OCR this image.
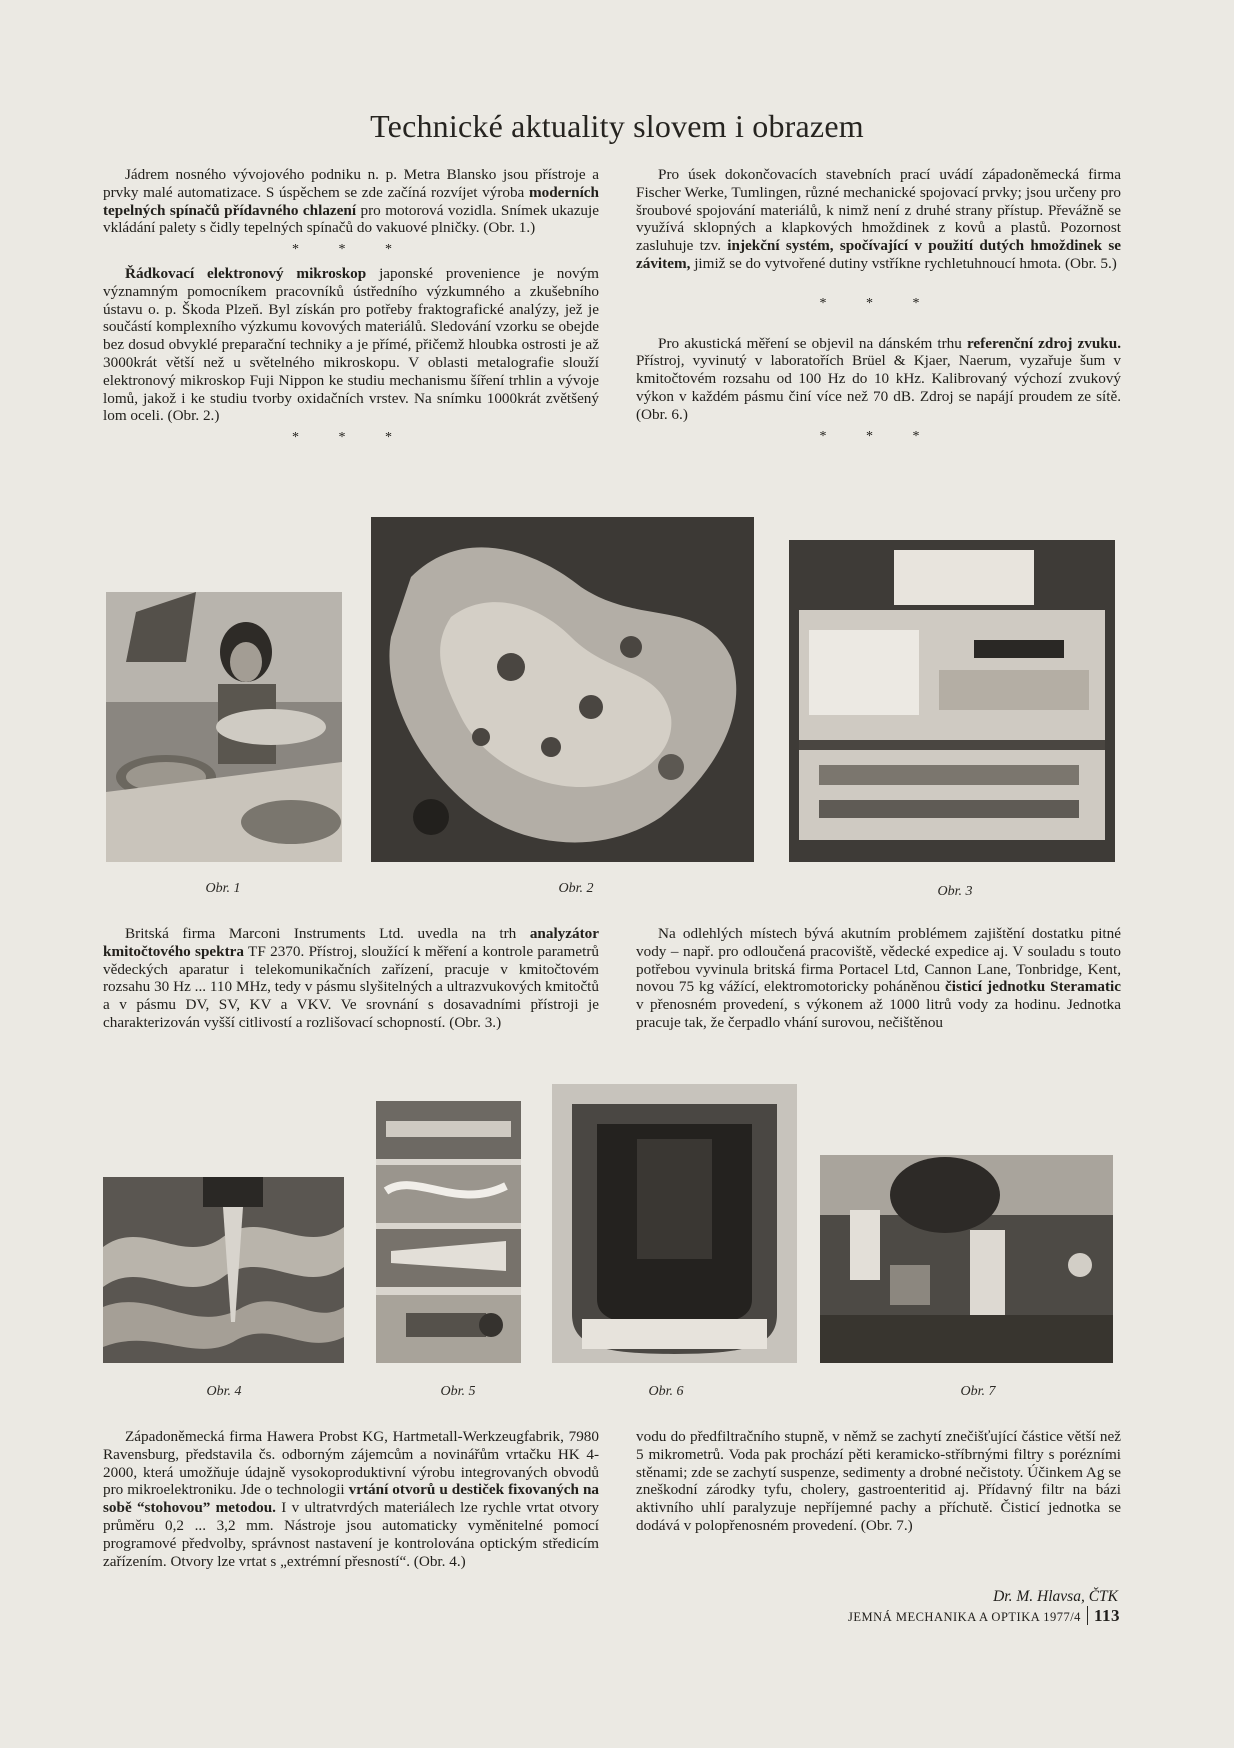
Technické aktuality slovem i obrazem

Jádrem nosného vývojového podniku n. p. Metra Blansko jsou přístroje a prvky malé automatizace. S úspěchem se zde začíná rozvíjet výroba moderních tepelných spínačů přídavného chlazení pro motorová vozidla. Snímek ukazuje vkládání palety s čidly tepelných spínačů do vakuové plničky. (Obr. 1.)

* * *

Řádkovací elektronový mikroskop japonské provenience je novým významným pomocníkem pracovníků ústředního výzkumného a zkušebního ústavu o. p. Škoda Plzeň. Byl získán pro potřeby fraktografické analýzy, jež je součástí komplexního výzkumu kovových materiálů. Sledování vzorku se obejde bez dosud obvyklé preparační techniky a je přímé, přičemž hloubka ostrosti je až 3000krát větší než u světelného mikroskopu. V oblasti metalografie slouží elektronový mikroskop Fuji Nippon ke studiu mechanismu šíření trhlin a vývoje lomů, jakož i ke studiu tvorby oxidačních vrstev. Na snímku 1000krát zvětšený lom oceli. (Obr. 2.)

* * *

Pro úsek dokončovacích stavebních prací uvádí západoněmecká firma Fischer Werke, Tumlingen, různé mechanické spojovací prvky; jsou určeny pro šroubové spojování materiálů, k nimž není z druhé strany přístup. Převážně se využívá sklopných a klapkových hmoždinek z kovů a plastů. Pozornost zasluhuje tzv. injekční systém, spočívající v použití dutých hmoždinek se závitem, jimiž se do vytvořené dutiny vstříkne rychletuhnoucí hmota. (Obr. 5.)

* * *

Pro akustická měření se objevil na dánském trhu referenční zdroj zvuku. Přístroj, vyvinutý v laboratořích Brüel & Kjaer, Naerum, vyzařuje šum v kmitočtovém rozsahu od 100 Hz do 10 kHz. Kalibrovaný výchozí zvukový výkon v každém pásmu činí více než 70 dB. Zdroj se napájí proudem ze sítě. (Obr. 6.)

* * *
Obr. 1	Obr. 2	Obr. 3

Britská firma Marconi Instruments Ltd. uvedla na trh analyzátor kmitočtového spektra TF 2370. Přístroj, sloužící k měření a kontrole parametrů vědeckých aparatur i telekomunikačních zařízení, pracuje v kmitočtovém rozsahu 30 Hz ... 110 MHz, tedy v pásmu slyšitelných a ultrazvukových kmitočtů a v pásmu DV, SV, KV a VKV. Ve srovnání s dosavadními přístroji je charakterizován vyšší citlivostí a rozlišovací schopností. (Obr. 3.)

Na odlehlých místech bývá akutním problémem zajištění dostatku pitné vody – např. pro odloučená pracoviště, vědecké expedice aj. V souladu s touto potřebou vyvinula britská firma Portacel Ltd, Cannon Lane, Tonbridge, Kent, novou 75 kg vážící, elektromotoricky poháněnou čisticí jednotku Steramatic v přenosném provedení, s výkonem až 1000 litrů vody za hodinu. Jednotka pracuje tak, že čerpadlo vhání surovou, nečištěnou

Obr. 4	Obr. 5	Obr. 6	Obr. 7

Západoněmecká firma Hawera Probst KG, Hartmetall-Werkzeugfabrik, 7980 Ravensburg, představila čs. odborným zájemcům a novinářům vrtačku HK 4-2000, která umožňuje údajně vysokoproduktivní výrobu integrovaných obvodů pro mikroelektroniku. Jde o technologii vrtání otvorů u destiček fixovaných na sobě “stohovou” metodou. I v ultratvrdých materiálech lze rychle vrtat otvory průměru 0,2 ... 3,2 mm. Nástroje jsou automaticky vyměnitelné pomocí programové předvolby, správnost nastavení je kontrolována optickým středicím zařízením. Otvory lze vrtat s „extrémní přesností“. (Obr. 4.)

vodu do předfiltračního stupně, v němž se zachytí znečišťující částice větší než 5 mikrometrů. Voda pak prochází pěti keramicko-stříbrnými filtry s porézními stěnami; zde se zachytí suspenze, sedimenty a drobné nečistoty. Účinkem Ag se zneškodní zárodky tyfu, cholery, gastroenteritid aj. Přídavný filtr na bázi aktivního uhlí paralyzuje nepříjemné pachy a příchutě. Čisticí jednotka se dodává v polopřenosném provedení. (Obr. 7.)

Dr. M. Hlavsa, ČTK
JEMNÁ MECHANIKA A OPTIKA 1977/4 113
